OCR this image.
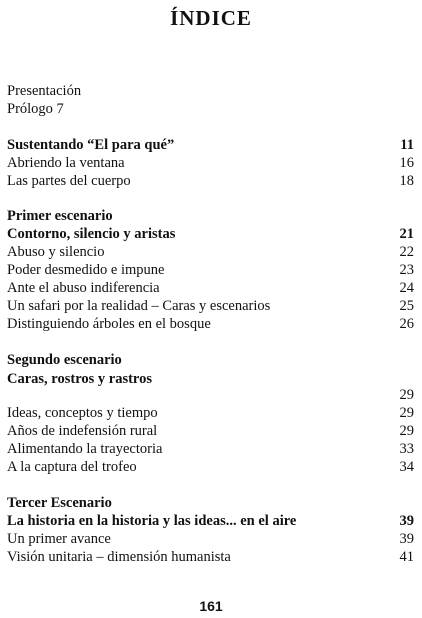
ÍNDICE
Presentación
Prólogo 7
Sustentando “El para qué”	11
Abriendo la ventana	16
Las partes del cuerpo	18
Primer escenario
Contorno, silencio y aristas	21
Abuso y silencio	22
Poder desmedido e impune	23
Ante el abuso indiferencia	24
Un safari por la realidad – Caras y escenarios	25
Distinguiendo árboles en el bosque	26
Segundo escenario
Caras, rostros y rastros
29
Ideas, conceptos y tiempo	29
Años de indefensión rural	29
Alimentando la trayectoria	33
A la captura del trofeo	34
Tercer Escenario
La historia en la historia y las ideas... en el aire	39
Un primer avance	39
Visión unitaria – dimensión humanista	41
161
